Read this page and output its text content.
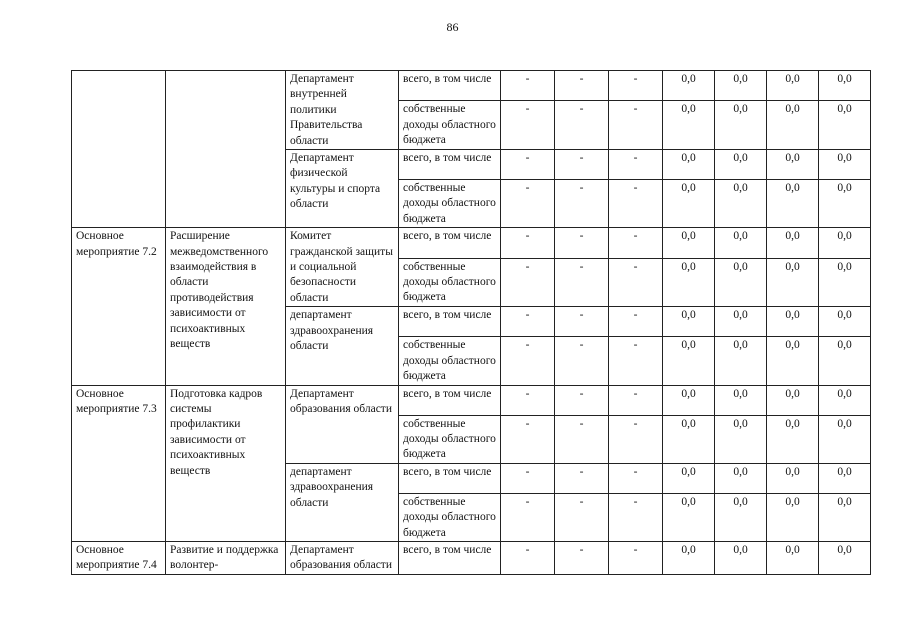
86
		Департамент внутренней политики Правительства области	всего, в том числе	-	-	-	0,0	0,0	0,0	0,0
			собственные доходы областного бюджета	-	-	-	0,0	0,0	0,0	0,0
		Департамент физической культуры и спорта области	всего, в том числе	-	-	-	0,0	0,0	0,0	0,0
			собственные доходы областного бюджета	-	-	-	0,0	0,0	0,0	0,0
Основное мероприятие 7.2	Расширение межведомственного взаимодействия в области противодействия зависимости от психоактивных веществ	Комитет гражданской защиты и социальной безопасности области	всего, в том числе	-	-	-	0,0	0,0	0,0	0,0
			собственные доходы областного бюджета	-	-	-	0,0	0,0	0,0	0,0
		департамент здравоохранения области	всего, в том числе	-	-	-	0,0	0,0	0,0	0,0
			собственные доходы областного бюджета	-	-	-	0,0	0,0	0,0	0,0
Основное мероприятие 7.3	Подготовка кадров системы профилактики зависимости от психоактивных веществ	Департамент образования области	всего, в том числе	-	-	-	0,0	0,0	0,0	0,0
			собственные доходы областного бюджета	-	-	-	0,0	0,0	0,0	0,0
		департамент здравоохранения области	всего, в том числе	-	-	-	0,0	0,0	0,0	0,0
			собственные доходы областного бюджета	-	-	-	0,0	0,0	0,0	0,0
Основное мероприятие 7.4	Развитие и поддержка волонтер-	Департамент образования области	всего, в том числе	-	-	-	0,0	0,0	0,0	0,0
